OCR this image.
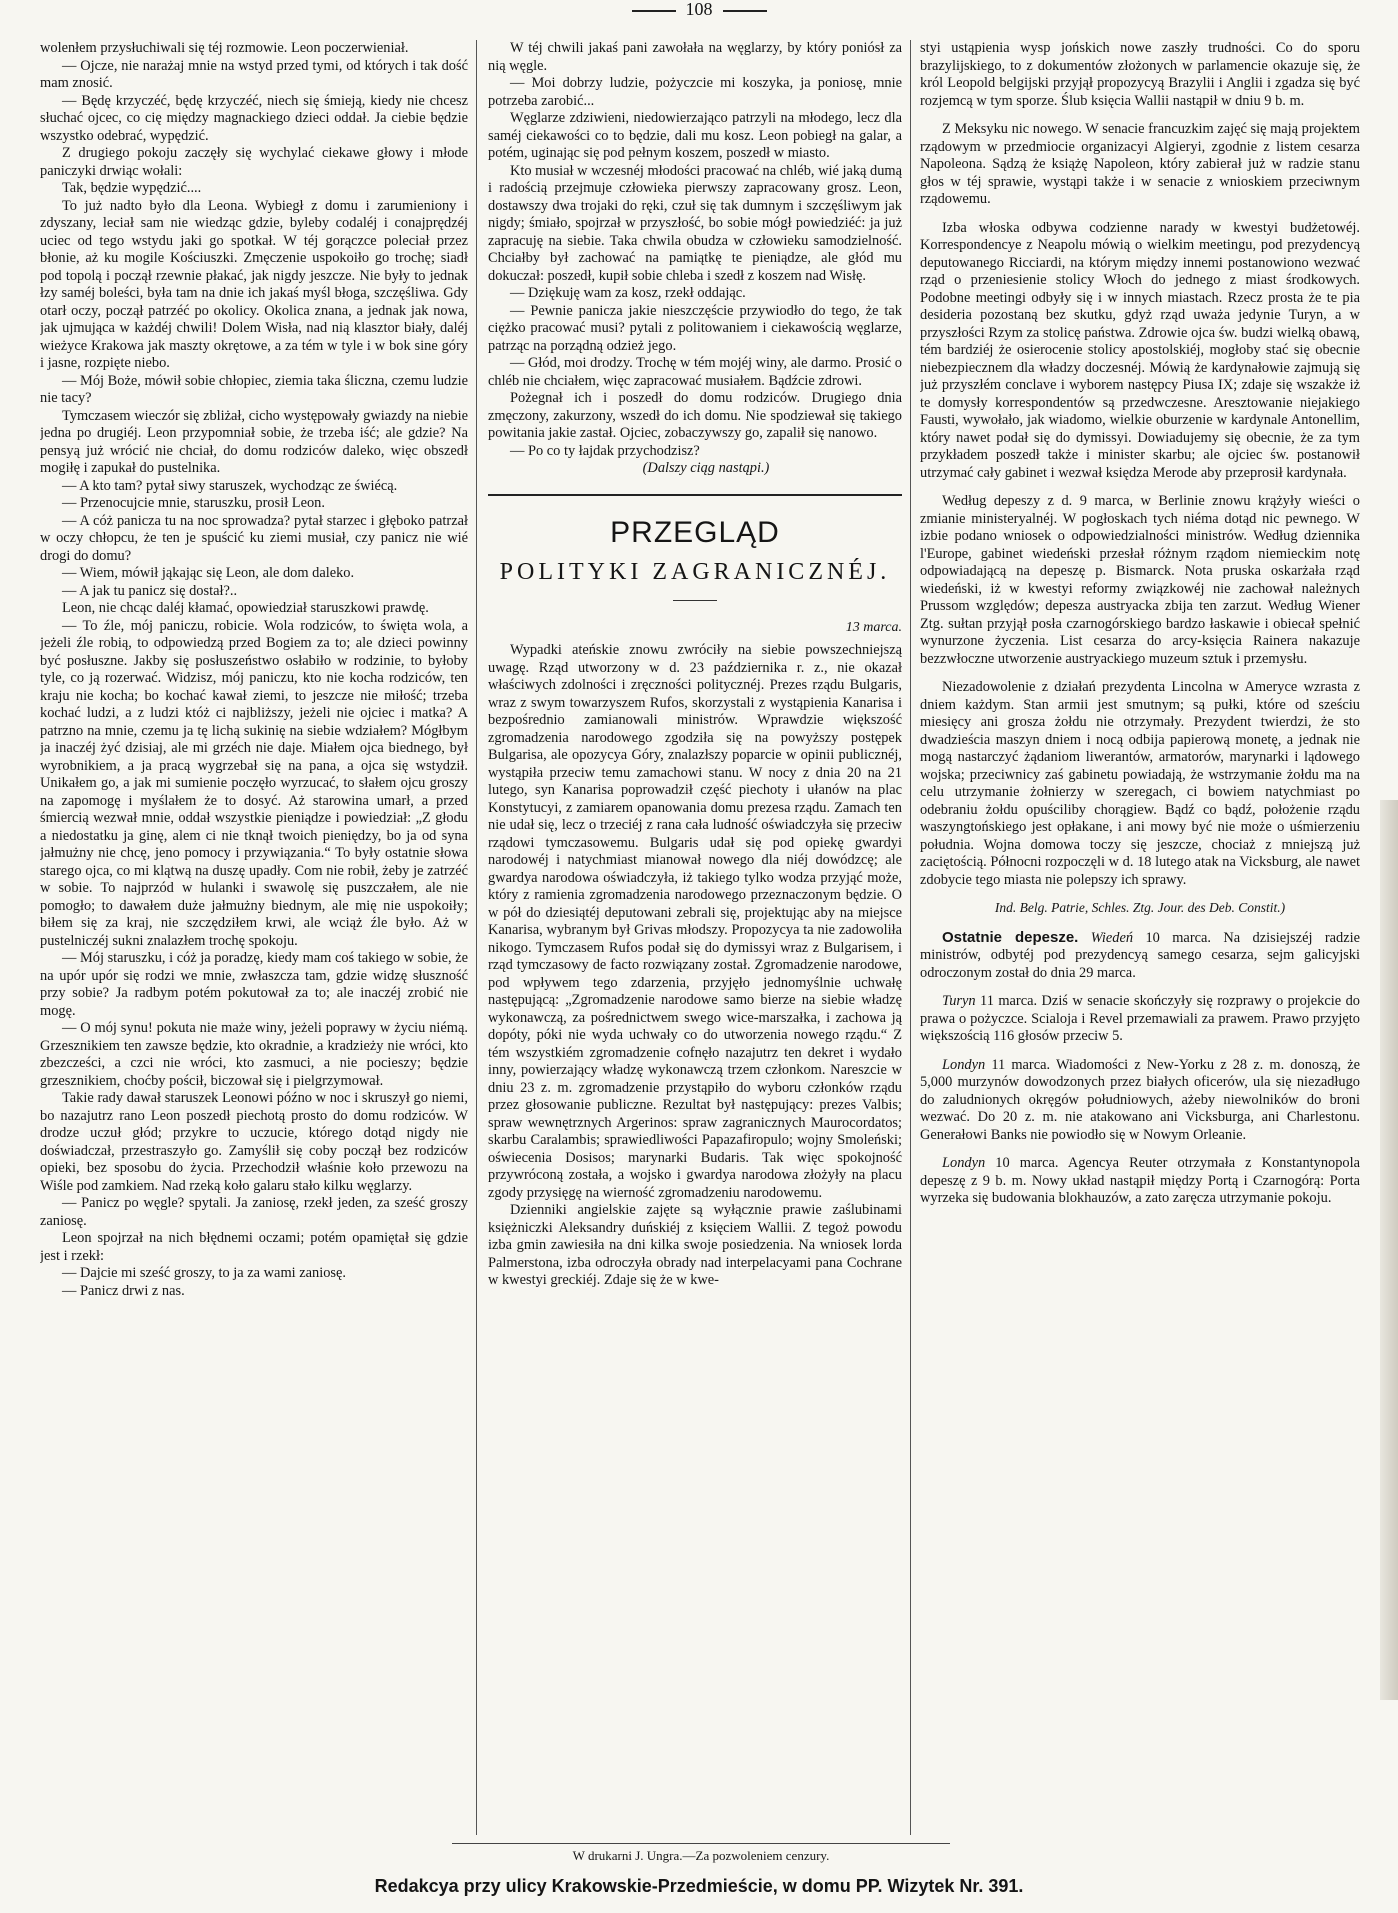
108

wolenłem przysłuchiwali się téj rozmowie. Leon poczerwieniał.

— Ojcze, nie narażaj mnie na wstyd przed tymi, od których i tak dość mam znosić.

— Będę krzyczéć, będę krzyczéć, niech się śmieją, kiedy nie chcesz słuchać ojcec, co cię między magnackiego dzieci oddał. Ja ciebie będzie wszystko odebrać, wypędzić.

Z drugiego pokoju zaczęły się wychylać ciekawe głowy i młode paniczyki drwiąc wołali:

Tak, będzie wypędzić....

To już nadto było dla Leona. Wybiegł z domu i zarumieniony i zdyszany, leciał sam nie wiedząc gdzie, byleby codaléj i conajprędzéj uciec od tego wstydu jaki go spotkał. W téj gorączce poleciał przez błonie, aż ku mogile Kościuszki. Zmęczenie uspokoiło go trochę; siadł pod topolą i począł rzewnie płakać, jak nigdy jeszcze. Nie były to jednak łzy saméj boleści, była tam na dnie ich jakaś myśl błoga, szczęśliwa. Gdy otarł oczy, począł patrzéć po okolicy. Okolica znana, a jednak jak nowa, jak ujmująca w każdéj chwili! Dolem Wisła, nad nią klasztor biały, daléj wieżyce Krakowa jak maszty okrętowe, a za tém w tyle i w bok sine góry i jasne, rozpięte niebo.

— Mój Boże, mówił sobie chłopiec, ziemia taka śliczna, czemu ludzie nie tacy?

Tymczasem wieczór się zbliżał, cicho występowały gwiazdy na niebie jedna po drugiéj. Leon przypomniał sobie, że trzeba iść; ale gdzie? Na pensyą już wrócić nie chciał, do domu rodziców daleko, więc obszedł mogiłę i zapukał do pustelnika.

— A kto tam? pytał siwy staruszek, wychodząc ze świécą.

— Przenocujcie mnie, staruszku, prosił Leon.

— A cóż panicza tu na noc sprowadza? pytał starzec i głęboko patrzał w oczy chłopcu, że ten je spuścić ku ziemi musiał, czy panicz nie wié drogi do domu?

— Wiem, mówił jąkając się Leon, ale dom daleko.

— A jak tu panicz się dostał?..

Leon, nie chcąc daléj kłamać, opowiedział staruszkowi prawdę.

— To źle, mój paniczu, robicie. Wola rodziców, to święta wola, a jeżeli źle robią, to odpowiedzą przed Bogiem za to; ale dzieci powinny być posłuszne. Jakby się posłuszeństwo osłabiło w rodzinie, to byłoby tyle, co ją rozerwać. Widzisz, mój paniczu, kto nie kocha rodziców, ten kraju nie kocha; bo kochać kawał ziemi, to jeszcze nie miłość; trzeba kochać ludzi, a z ludzi któż ci najbliższy, jeżeli nie ojciec i matka? A patrzno na mnie, czemu ja tę lichą sukinię na siebie wdziałem? Mógłbym ja inaczéj żyć dzisiaj, ale mi grzéch nie daje. Miałem ojca biednego, był wyrobnikiem, a ja pracą wygrzebał się na pana, a ojca się wstydził. Unikałem go, a jak mi sumienie poczęło wyrzucać, to słałem ojcu groszy na zapomogę i myślałem że to dosyć. Aż starowina umarł, a przed śmiercią wezwał mnie, oddał wszystkie pieniądze i powiedział: „Z głodu a niedostatku ja ginę, alem ci nie tknął twoich pieniędzy, bo ja od syna jałmużny nie chcę, jeno pomocy i przywiązania.“ To były ostatnie słowa starego ojca, co mi klątwą na duszę upadły. Com nie robił, żeby je zatrzéć w sobie. To najprzód w hulanki i swawolę się puszczałem, ale nie pomogło; to dawałem duże jałmużny biednym, ale mię nie uspokoiły; biłem się za kraj, nie szczędziłem krwi, ale wciąż źle było. Aż w pustelniczéj sukni znalazłem trochę spokoju.

— Mój staruszku, i cóż ja poradzę, kiedy mam coś takiego w sobie, że na upór upór się rodzi we mnie, zwłaszcza tam, gdzie widzę słuszność przy sobie? Ja radbym potém pokutował za to; ale inaczéj zrobić nie mogę.

— O mój synu! pokuta nie maże winy, jeżeli poprawy w życiu niémą. Grzesznikiem ten zawsze będzie, kto okradnie, a kradzieży nie wróci, kto zbezcześci, a czci nie wróci, kto zasmuci, a nie pocieszy; będzie grzesznikiem, choćby pościł, biczował się i pielgrzymował.

Takie rady dawał staruszek Leonowi późno w noc i skruszył go niemi, bo nazajutrz rano Leon poszedł piechotą prosto do domu rodziców. W drodze uczuł głód; przykre to uczucie, którego dotąd nigdy nie doświadczał, przestraszyło go. Zamyślił się coby począł bez rodziców opieki, bez sposobu do życia. Przechodził właśnie koło przewozu na Wiśle pod zamkiem. Nad rzeką koło galaru stało kilku węglarzy.

— Panicz po węgle? spytali. Ja zaniosę, rzekł jeden, za sześć groszy zaniosę.

Leon spojrzał na nich błędnemi oczami; potém opamiętał się gdzie jest i rzekł:

— Dajcie mi sześć groszy, to ja za wami zaniosę.

— Panicz drwi z nas.

W téj chwili jakaś pani zawołała na węglarzy, by który poniósł za nią węgle.

— Moi dobrzy ludzie, pożyczcie mi koszyka, ja poniosę, mnie potrzeba zarobić...

Węglarze zdziwieni, niedowierzająco patrzyli na młodego, lecz dla saméj ciekawości co to będzie, dali mu kosz. Leon pobiegł na galar, a potém, uginając się pod pełnym koszem, poszedł w miasto.

Kto musiał w wczesnéj młodości pracować na chléb, wié jaką dumą i radością przejmuje człowieka pierwszy zapracowany grosz. Leon, dostawszy dwa trojaki do ręki, czuł się tak dumnym i szczęśliwym jak nigdy; śmiało, spojrzał w przyszłość, bo sobie mógł powiedziéć: ja już zapracuję na siebie. Taka chwila obudza w człowieku samodzielność. Chciałby był zachować na pamiątkę te pieniądze, ale głód mu dokuczał: poszedł, kupił sobie chleba i szedł z koszem nad Wisłę.

— Dziękuję wam za kosz, rzekł oddając.

— Pewnie panicza jakie nieszczęście przywiodło do tego, że tak ciężko pracować musi? pytali z politowaniem i ciekawością węglarze, patrząc na porządną odzież jego.

— Głód, moi drodzy. Trochę w tém mojéj winy, ale darmo. Prosić o chléb nie chciałem, więc zapracować musiałem. Bądźcie zdrowi.

Pożegnał ich i poszedł do domu rodziców. Drugiego dnia zmęczony, zakurzony, wszedł do ich domu. Nie spodziewał się takiego powitania jakie zastał. Ojciec, zobaczywszy go, zapalił się nanowo.

— Po co ty łajdak przychodzisz?

(Dalszy ciąg nastąpi.)

PRZEGLĄD
POLITYKI ZAGRANICZNÉJ.
13 marca.

Wypadki ateńskie znowu zwróciły na siebie powszechniejszą uwagę. Rząd utworzony w d. 23 października r. z., nie okazał właściwych zdolności i zręczności politycznéj. Prezes rządu Bulgaris, wraz z swym towarzyszem Rufos, skorzystali z wystąpienia Kanarisa i bezpośrednio zamianowali ministrów. Wprawdzie większość zgromadzenia narodowego zgodziła się na powyższy postępek Bulgarisa, ale opozycya Góry, znalazłszy poparcie w opinii publicznéj, wystąpiła przeciw temu zamachowi stanu. W nocy z dnia 20 na 21 lutego, syn Kanarisa poprowadził część piechoty i ułanów na plac Konstytucyi, z zamiarem opanowania domu prezesa rządu. Zamach ten nie udał się, lecz o trzeciéj z rana cała ludność oświadczyła się przeciw rządowi tymczasowemu. Bulgaris udał się pod opiekę gwardyi narodowéj i natychmiast mianował nowego dla niéj dowódzcę; ale gwardya narodowa oświadczyła, iż takiego tylko wodza przyjąć może, który z ramienia zgromadzenia narodowego przeznaczonym będzie. O w pół do dziesiątéj deputowani zebrali się, projektując aby na miejsce Kanarisa, wybranym był Grivas młodszy. Propozycya ta nie zadowoliła nikogo. Tymczasem Rufos podał się do dymissyi wraz z Bulgarisem, i rząd tymczasowy de facto rozwiązany został. Zgromadzenie narodowe, pod wpływem tego zdarzenia, przyjęło jednomyślnie uchwałę następującą: „Zgromadzenie narodowe samo bierze na siebie władzę wykonawczą, za pośrednictwem swego wice-marszałka, i zachowa ją dopóty, póki nie wyda uchwały co do utworzenia nowego rządu.“ Z tém wszystkiém zgromadzenie cofnęło nazajutrz ten dekret i wydało inny, powierzający władzę wykonawczą trzem członkom. Nareszcie w dniu 23 z. m. zgromadzenie przystąpiło do wyboru członków rządu przez głosowanie publiczne. Rezultat był następujący: prezes Valbis; spraw wewnętrznych Argerinos: spraw zagranicznych Maurocordatos; skarbu Caralambis; sprawiedliwości Papazafiropulo; wojny Smoleński; oświecenia Dosisos; marynarki Budaris. Tak więc spokojność przywróconą została, a wojsko i gwardya narodowa złożyły na placu zgody przysięgę na wierność zgromadzeniu narodowemu.

Dzienniki angielskie zajęte są wyłącznie prawie zaślubinami księżniczki Aleksandry duńskiéj z księciem Wallii. Z tegoż powodu izba gmin zawiesiła na dni kilka swoje posiedzenia. Na wniosek lorda Palmerstona, izba odroczyła obrady nad interpelacyami pana Cochrane w kwestyi greckiéj. Zdaje się że w kwe-

styi ustąpienia wysp jońskich nowe zaszły trudności. Co do sporu brazylijskiego, to z dokumentów złożonych w parlamencie okazuje się, że król Leopold belgijski przyjął propozycyą Brazylii i Anglii i zgadza się być rozjemcą w tym sporze. Ślub księcia Wallii nastąpił w dniu 9 b. m.

Z Meksyku nic nowego. W senacie francuzkim zajęć się mają projektem rządowym w przedmiocie organizacyi Algieryi, zgodnie z listem cesarza Napoleona. Sądzą że książę Napoleon, który zabierał już w radzie stanu głos w téj sprawie, wystąpi także i w senacie z wnioskiem przeciwnym rządowemu.

Izba włoska odbywa codzienne narady w kwestyi budżetowéj. Korrespondencye z Neapolu mówią o wielkim meetingu, pod prezydencyą deputowanego Ricciardi, na którym między innemi postanowiono wezwać rząd o przeniesienie stolicy Włoch do jednego z miast środkowych. Podobne meetingi odbyły się i w innych miastach. Rzecz prosta że te pia desideria pozostaną bez skutku, gdyż rząd uważa jedynie Turyn, a w przyszłości Rzym za stolicę państwa. Zdrowie ojca św. budzi wielką obawą, tém bardziéj że osierocenie stolicy apostolskiéj, mogłoby stać się obecnie niebezpiecznem dla władzy doczesnéj. Mówią że kardynałowie zajmują się już przyszłém conclave i wyborem następcy Piusa IX; zdaje się wszakże iż te domysły korrespondentów są przedwczesne. Aresztowanie niejakiego Fausti, wywołało, jak wiadomo, wielkie oburzenie w kardynale Antonellim, który nawet podał się do dymissyi. Dowiadujemy się obecnie, że za tym przykładem poszedł także i minister skarbu; ale ojciec św. postanowił utrzymać cały gabinet i wezwał księdza Merode aby przeprosił kardynała.

Według depeszy z d. 9 marca, w Berlinie znowu krążyły wieści o zmianie ministeryalnéj. W pogłoskach tych niéma dotąd nic pewnego. W izbie podano wniosek o odpowiedzialności ministrów. Według dziennika l'Europe, gabinet wiedeński przesłał różnym rządom niemieckim notę odpowiadającą na depeszę p. Bismarck. Nota pruska oskarżała rząd wiedeński, iż w kwestyi reformy związkowéj nie zachował należnych Prussom względów; depesza austryacka zbija ten zarzut. Według Wiener Ztg. sułtan przyjął posła czarnogórskiego bardzo łaskawie i obiecał spełnić wynurzone życzenia. List cesarza do arcy-księcia Rainera nakazuje bezzwłoczne utworzenie austryackiego muzeum sztuk i przemysłu.

Niezadowolenie z działań prezydenta Lincolna w Ameryce wzrasta z dniem każdym. Stan armii jest smutnym; są pułki, które od sześciu miesięcy ani grosza żołdu nie otrzymały. Prezydent twierdzi, że sto dwadzieścia maszyn dniem i nocą odbija papierową monetę, a jednak nie mogą nastarczyć żądaniom liwerantów, armatorów, marynarki i lądowego wojska; przeciwnicy zaś gabinetu powiadają, że wstrzymanie żołdu ma na celu utrzymanie żołnierzy w szeregach, ci bowiem natychmiast po odebraniu żołdu opuściliby chorągiew. Bądź co bądź, położenie rządu waszyngtońskiego jest opłakane, i ani mowy być nie może o uśmierzeniu południa. Wojna domowa toczy się jeszcze, chociaż z mniejszą już zaciętością. Północni rozpoczęli w d. 18 lutego atak na Vicksburg, ale nawet zdobycie tego miasta nie polepszy ich sprawy.

Ind. Belg. Patrie, Schles. Ztg. Jour. des Deb. Constit.)

Ostatnie depesze. Wiedeń 10 marca. Na dzisiejszéj radzie ministrów, odbytéj pod prezydencyą samego cesarza, sejm galicyjski odroczonym został do dnia 29 marca.

Turyn 11 marca. Dziś w senacie skończyły się rozprawy o projekcie do prawa o pożyczce. Scialoja i Revel przemawiali za prawem. Prawo przyjęto większością 116 głosów przeciw 5.

Londyn 11 marca. Wiadomości z New-Yorku z 28 z. m. donoszą, że 5,000 murzynów dowodzonych przez białych oficerów, ula się niezadługo do zaludnionych okręgów południowych, ażeby niewolników do broni wezwać. Do 20 z. m. nie atakowano ani Vicksburga, ani Charlestonu. Generałowi Banks nie powiodło się w Nowym Orleanie.

Londyn 10 marca. Agencya Reuter otrzymała z Konstantynopola depeszę z 9 b. m. Nowy układ nastąpił między Portą i Czarnogórą: Porta wyrzeka się budowania blokhauzów, a zato zaręcza utrzymanie pokoju.

W drukarni J. Ungra.—Za pozwoleniem cenzury.
Redakcya przy ulicy Krakowskie-Przedmieście, w domu PP. Wizytek Nr. 391.
